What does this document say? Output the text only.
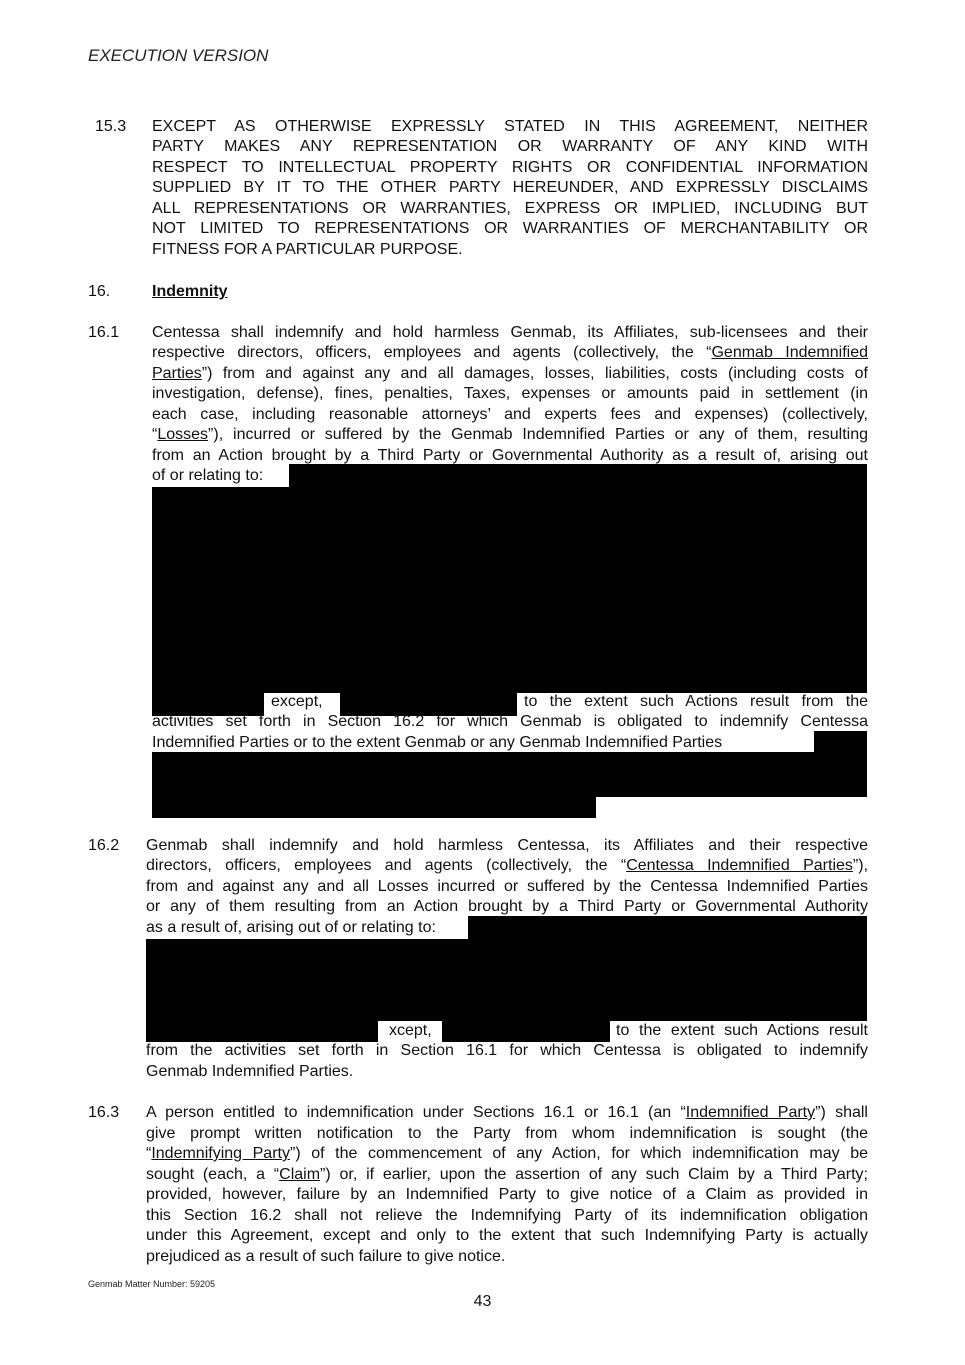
EXECUTION VERSION
15.3 EXCEPT AS OTHERWISE EXPRESSLY STATED IN THIS AGREEMENT, NEITHER
PARTY MAKES ANY REPRESENTATION OR WARRANTY OF ANY KIND WITH
RESPECT TO INTELLECTUAL PROPERTY RIGHTS OR CONFIDENTIAL INFORMATION
SUPPLIED BY IT TO THE OTHER PARTY HEREUNDER, AND EXPRESSLY DISCLAIMS
ALL REPRESENTATIONS OR WARRANTIES, EXPRESS OR IMPLIED, INCLUDING BUT
NOT LIMITED TO REPRESENTATIONS OR WARRANTIES OF MERCHANTABILITY OR
FITNESS FOR A PARTICULAR PURPOSE.
16.	Indemnity
16.1 Centessa shall indemnify and hold harmless Genmab, its Affiliates, sub-licensees and their
respective directors, officers, employees and agents (collectively, the “Genmab Indemnified
Parties”) from and against any and all damages, losses, liabilities, costs (including costs of
investigation, defense), fines, penalties, Taxes, expenses or amounts paid in settlement (in
each case, including reasonable attorneys’ and experts fees and expenses) (collectively,
“Losses”), incurred or suffered by the Genmab Indemnified Parties or any of them, resulting
from an Action brought by a Third Party or Governmental Authority as a result of, arising out
of or relating to:
except,	to the extent such Actions result from the
activities set forth in Section 16.2 for which Genmab is obligated to indemnify Centessa
Indemnified Parties or to the extent Genmab or any Genmab Indemnified Parties
16.2 Genmab shall indemnify and hold harmless Centessa, its Affiliates and their respective
directors, officers, employees and agents (collectively, the “Centessa Indemnified Parties”),
from and against any and all Losses incurred or suffered by the Centessa Indemnified Parties
or any of them resulting from an Action brought by a Third Party or Governmental Authority
as a result of, arising out of or relating to:
xcept,	to the extent such Actions result
from the activities set forth in Section 16.1 for which Centessa is obligated to indemnify
Genmab Indemnified Parties.
16.3 A person entitled to indemnification under Sections 16.1 or 16.1 (an “Indemnified Party”) shall
give prompt written notification to the Party from whom indemnification is sought (the
“Indemnifying Party”) of the commencement of any Action, for which indemnification may be
sought (each, a “Claim”) or, if earlier, upon the assertion of any such Claim by a Third Party;
provided, however, failure by an Indemnified Party to give notice of a Claim as provided in
this Section 16.2 shall not relieve the Indemnifying Party of its indemnification obligation
under this Agreement, except and only to the extent that such Indemnifying Party is actually
prejudiced as a result of such failure to give notice.
Genmab Matter Number: 59205
43
